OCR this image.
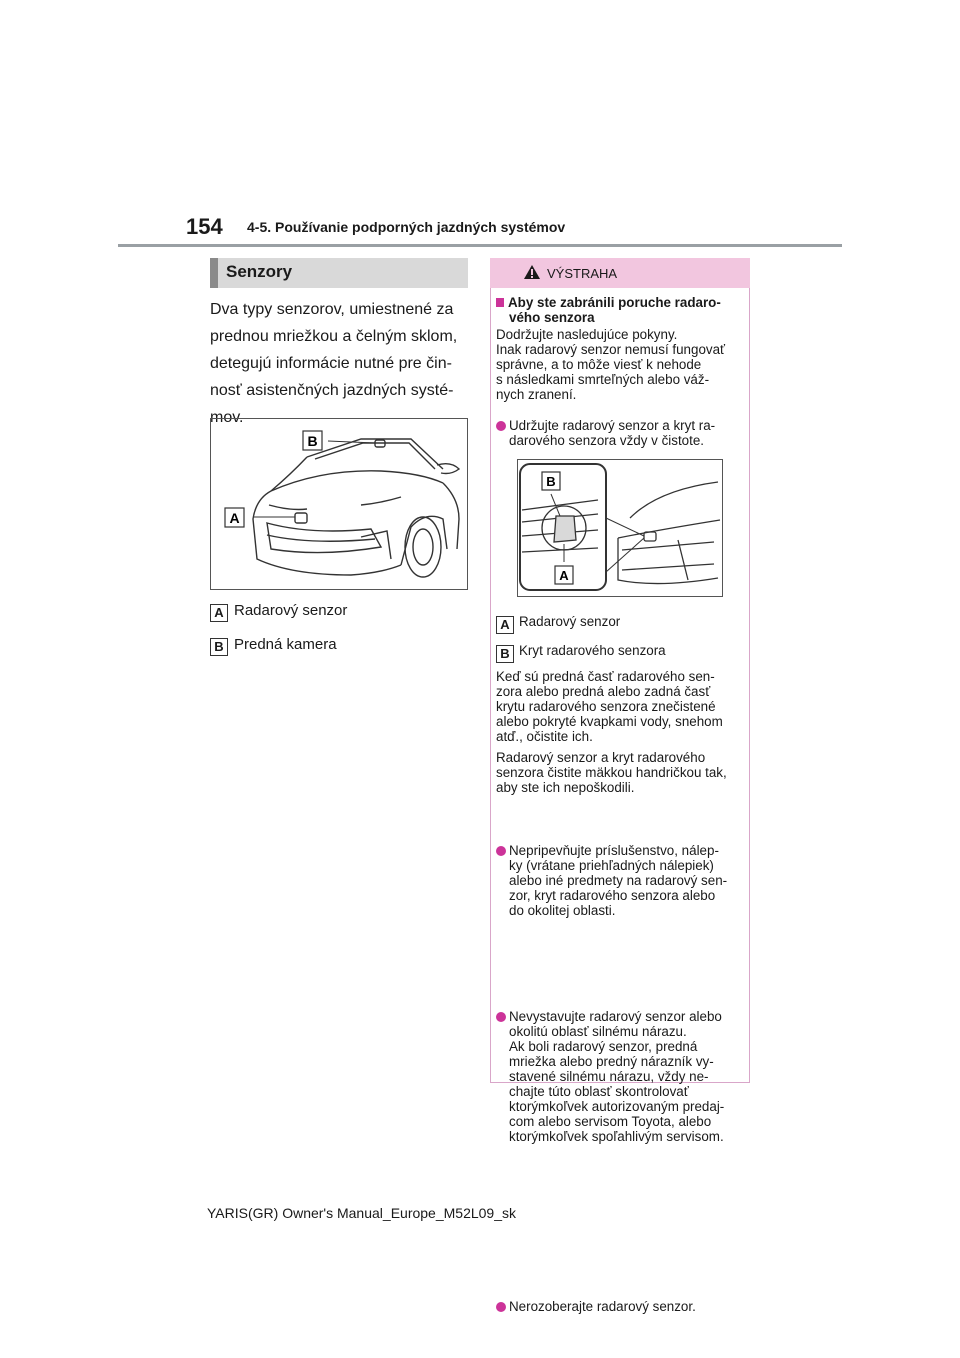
154 4-5. Používanie podporných jazdných systémov
Senzory
Dva typy senzorov, umiestnené za
prednou mriežkou a čelným sklom,
detegujú informácie nutné pre čin-
nosť asistenčných jazdných systé-
mov.
B
A
A Radarový senzor
B Predná kamera
VÝSTRAHA
Aby ste zabránili poruche radaro-
vého senzora
Dodržujte nasledujúce pokyny.
Inak radarový senzor nemusí fungovať
správne, a to môže viesť k nehode
s následkami smrteľných alebo váž-
nych zranení.
Udržujte radarový senzor a kryt ra-
darového senzora vždy v čistote.
B
A
A Radarový senzor
B Kryt radarového senzora
Keď sú predná časť radarového sen-
zora alebo predná alebo zadná časť
krytu radarového senzora znečistené
alebo pokryté kvapkami vody, snehom
atď., očistite ich.
Radarový senzor a kryt radarového
senzora čistite mäkkou handričkou tak,
aby ste ich nepoškodili.
Nepripevňujte príslušenstvo, nálep-
ky (vrátane priehľadných nálepiek)
alebo iné predmety na radarový sen-
zor, kryt radarového senzora alebo
do okolitej oblasti.
Nevystavujte radarový senzor alebo
okolitú oblasť silnému nárazu.
Ak boli radarový senzor, predná
mriežka alebo predný nárazník vy-
stavené silnému nárazu, vždy ne-
chajte túto oblasť skontrolovať
ktorýmkoľvek autorizovaným predaj-
com alebo servisom Toyota, alebo
ktorýmkoľvek spoľahlivým servisom.
Nerozoberajte radarový senzor.
YARIS(GR) Owner's Manual_Europe_M52L09_sk
